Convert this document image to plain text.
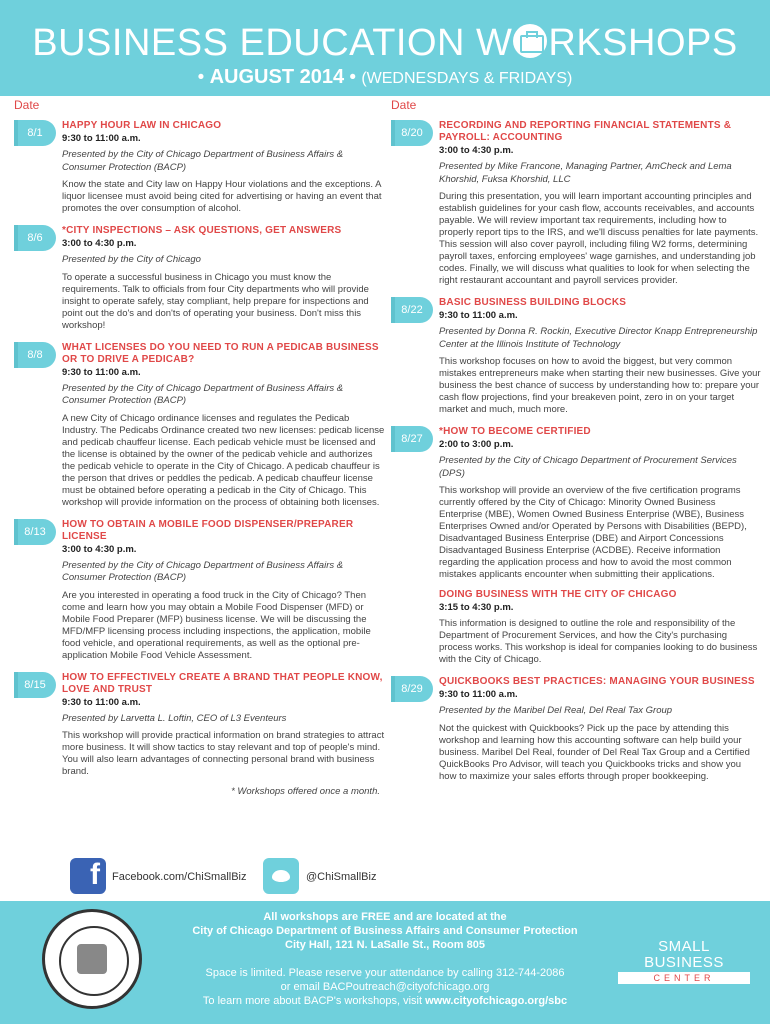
BUSINESS EDUCATION W RKSHOPS
• AUGUST 2014 • (WEDNESDAYS & FRIDAYS)
Date
8/1
HAPPY HOUR LAW IN CHICAGO
9:30 to 11:00 a.m.
Presented by the City of Chicago Department of Business Affairs & Consumer Protection (BACP)
Know the state and City law on Happy Hour violations and the exceptions. A liquor licensee must avoid being cited for advertising or having an event that promotes the over consumption of alcohol.
8/6
*CITY INSPECTIONS – ASK QUESTIONS, GET ANSWERS
3:00 to 4:30 p.m.
Presented by the City of Chicago
To operate a successful business in Chicago you must know the requirements. Talk to officials from four City departments who will provide insight to operate safely, stay compliant, help prepare for inspections and point out the do's and don'ts of operating your business. Don't miss this workshop!
8/8
WHAT LICENSES DO YOU NEED TO RUN A PEDICAB BUSINESS OR TO DRIVE A PEDICAB?
9:30 to 11:00 a.m.
Presented by the City of Chicago Department of Business Affairs & Consumer Protection (BACP)
A new City of Chicago ordinance licenses and regulates the Pedicab Industry. The Pedicabs Ordinance created two new licenses: pedicab license and pedicab chauffeur license. Each pedicab vehicle must be licensed and the license is obtained by the owner of the pedicab vehicle and authorizes the pedicab vehicle to operate in the City of Chicago. A pedicab chauffeur is the person that drives or peddles the pedicab. A pedicab chauffeur license must be obtained before operating a pedicab in the City of Chicago. This workshop will provide information on the process of obtaining both licenses.
8/13
HOW TO OBTAIN A MOBILE FOOD DISPENSER/PREPARER LICENSE
3:00 to 4:30 p.m.
Presented by the City of Chicago Department of Business Affairs & Consumer Protection (BACP)
Are you interested in operating a food truck in the City of Chicago? Then come and learn how you may obtain a Mobile Food Dispenser (MFD) or Mobile Food Preparer (MFP) business license. We will be discussing the MFD/MFP licensing process including inspections, the application, mobile food vehicle, and operational requirements, as well as the optional pre-application Mobile Food Vehicle Assessment.
8/15
HOW TO EFFECTIVELY CREATE A BRAND THAT PEOPLE KNOW, LOVE AND TRUST
9:30 to 11:00 a.m.
Presented by Larvetta L. Loftin, CEO of L3 Eventeurs
This workshop will provide practical information on brand strategies to attract more business. It will show tactics to stay relevant and top of people's mind. You will also learn advantages of connecting personal brand with business brand.
* Workshops offered once a month.
Date
8/20
RECORDING AND REPORTING FINANCIAL STATEMENTS & PAYROLL: ACCOUNTING
3:00 to 4:30 p.m.
Presented by Mike Francone, Managing Partner, AmCheck and Lema Khorshid, Fuksa Khorshid, LLC
During this presentation, you will learn important accounting principles and establish guidelines for your cash flow, accounts receivables, and accounts payable. We will review important tax requirements, including how to properly report tips to the IRS, and we'll discuss penalties for late payments. This session will also cover payroll, including filing W2 forms, determining payroll taxes, enforcing employees' wage garnishes, and understanding job codes. Finally, we will discuss what qualities to look for when selecting the right restaurant accountant and payroll services provider.
8/22
BASIC BUSINESS BUILDING BLOCKS
9:30 to 11:00 a.m.
Presented by Donna R. Rockin, Executive Director Knapp Entrepreneurship Center at the Illinois Institute of Technology
This workshop focuses on how to avoid the biggest, but very common mistakes entrepreneurs make when starting their new businesses. Give your business the best chance of success by understanding how to: prepare your cash flow projections, find your breakeven point, zero in on your target market and much, much more.
8/27
*HOW TO BECOME CERTIFIED
2:00 to 3:00 p.m.
Presented by the City of Chicago Department of Procurement Services (DPS)
This workshop will provide an overview of the five certification programs currently offered by the City of Chicago: Minority Owned Business Enterprise (MBE), Women Owned Business Enterprise (WBE), Business Enterprises Owned and/or Operated by Persons with Disabilities (BEPD), Disadvantaged Business Enterprise (DBE) and Airport Concessions Disadvantaged Business Enterprise (ACDBE). Receive information regarding the application process and how to avoid the most common mistakes applicants encounter when submitting their applications.
DOING BUSINESS WITH THE CITY OF CHICAGO
3:15 to 4:30 p.m.
This information is designed to outline the role and responsibility of the Department of Procurement Services, and how the City's purchasing process works. This workshop is ideal for companies looking to do business with the City of Chicago.
8/29
QUICKBOOKS BEST PRACTICES: MANAGING YOUR BUSINESS
9:30 to 11:00 a.m.
Presented by the Maribel Del Real, Del Real Tax Group
Not the quickest with Quickbooks? Pick up the pace by attending this workshop and learning how this accounting software can help build your business. Maribel Del Real, founder of Del Real Tax Group and a Certified QuickBooks Pro Advisor, will teach you Quickbooks tricks and show you how to maximize your sales efforts through proper bookkeeping.
f Facebook.com/ChiSmallBiz	@ChiSmallBiz
All workshops are FREE and are located at the
City of Chicago Department of Business Affairs and Consumer Protection
City Hall, 121 N. LaSalle St., Room 805
Space is limited. Please reserve your attendance by calling 312-744-2086
or email BACPoutreach@cityofchicago.org
To learn more about BACP's workshops, visit www.cityofchicago.org/sbc
SMALL BUSINESS
CENTER
